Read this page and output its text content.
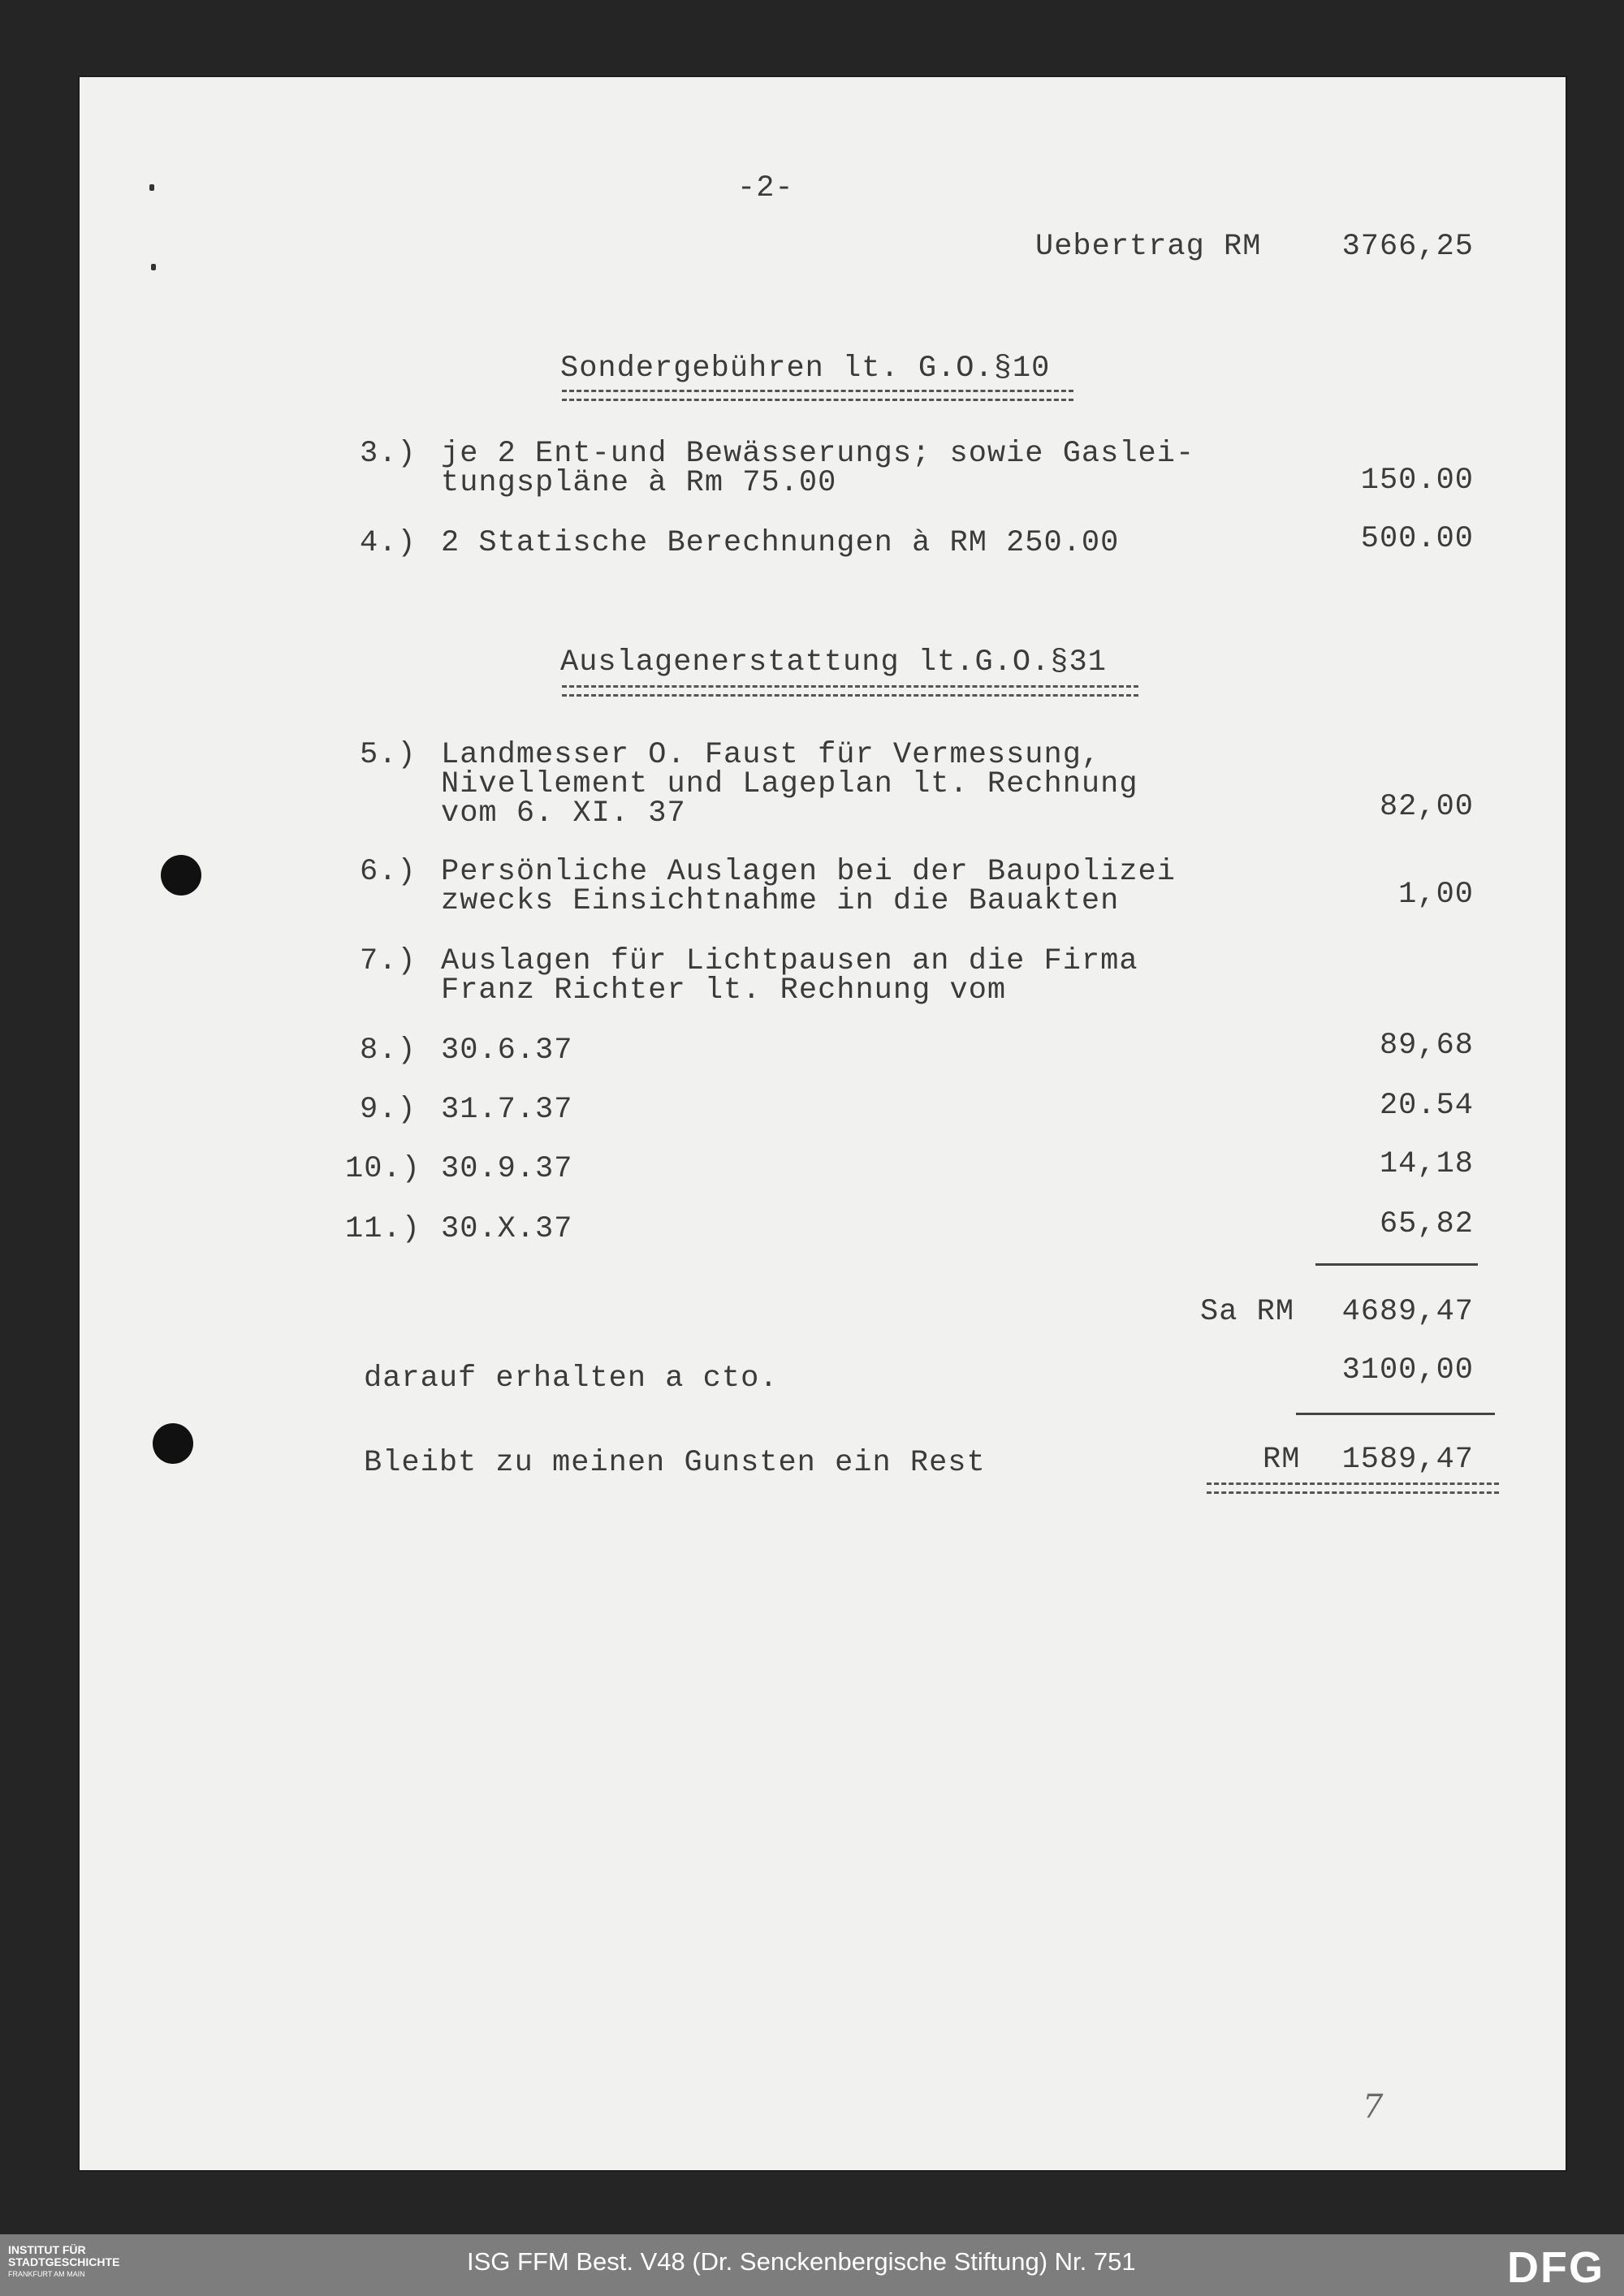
-2-
Uebertrag RM	3766,25
Sondergebühren lt. G.O.§10
3.) je 2 Ent-und Bewässerungs; sowie Gaslei-
tungspläne à Rm 75.00	150.00
4.) 2 Statische Berechnungen à RM 250.00	500.00
Auslagenerstattung lt.G.O.§31
5.) Landmesser O. Faust für Vermessung,
Nivellement und Lageplan lt. Rechnung
vom 6. XI. 37	82,00
6.) Persönliche Auslagen bei der Baupolizei
zwecks Einsichtnahme in die Bauakten	1,00
7.) Auslagen für Lichtpausen an die Firma
Franz Richter lt. Rechnung vom
8.) 30.6.37	89,68
9.) 31.7.37	20.54
10.) 30.9.37	14,18
11.) 30.X.37	65,82
Sa RM	4689,47
darauf erhalten a cto.	3100,00
Bleibt zu meinen Gunsten ein Rest	RM	1589,47
7
INSTITUT FÜR
STADTGESCHICHTE
FRANKFURT AM MAIN	ISG FFM Best. V48 (Dr. Senckenbergische Stiftung) Nr. 751	DFG
